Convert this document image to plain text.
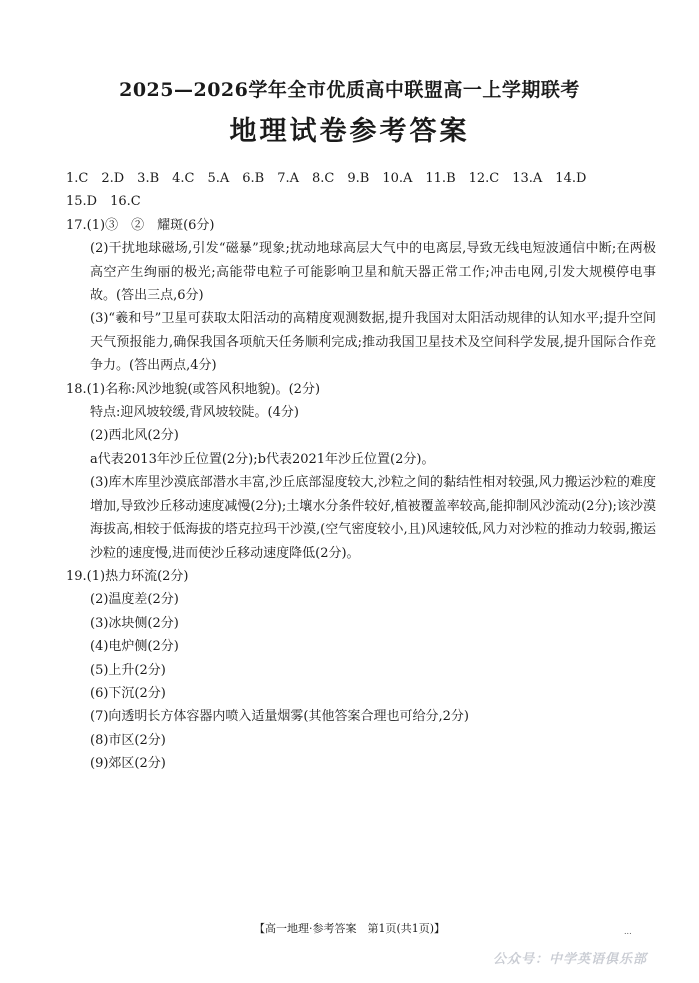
2025—2026学年全市优质高中联盟高一上学期联考
地理试卷参考答案
1.C　2.D　3.B　4.C　5.A　6.B　7.A　8.C　9.B　10.A　11.B　12.C　13.A　14.D
15.D　16.C
17.(1)③　②　耀斑(6分)
(2)干扰地球磁场,引发“磁暴”现象;扰动地球高层大气中的电离层,导致无线电短波通信中断;在两极高空产生绚丽的极光;高能带电粒子可能影响卫星和航天器正常工作;冲击电网,引发大规模停电事故。(答出三点,6分)
(3)“羲和号”卫星可获取太阳活动的高精度观测数据,提升我国对太阳活动规律的认知水平;提升空间天气预报能力,确保我国各项航天任务顺利完成;推动我国卫星技术及空间科学发展,提升国际合作竞争力。(答出两点,4分)
18.(1)名称:风沙地貌(或答风积地貌)。(2分)
特点:迎风坡较缓,背风坡较陡。(4分)
(2)西北风(2分)
a代表2013年沙丘位置(2分);b代表2021年沙丘位置(2分)。
(3)库木库里沙漠底部潜水丰富,沙丘底部湿度较大,沙粒之间的黏结性相对较强,风力搬运沙粒的难度增加,导致沙丘移动速度减慢(2分);土壤水分条件较好,植被覆盖率较高,能抑制风沙流动(2分);该沙漠海拔高,相较于低海拔的塔克拉玛干沙漠,(空气密度较小,且)风速较低,风力对沙粒的推动力较弱,搬运沙粒的速度慢,进而使沙丘移动速度降低(2分)。
19.(1)热力环流(2分)
(2)温度差(2分)
(3)冰块侧(2分)
(4)电炉侧(2分)
(5)上升(2分)
(6)下沉(2分)
(7)向透明长方体容器内喷入适量烟雾(其他答案合理也可给分,2分)
(8)市区(2分)
(9)郊区(2分)
【高一地理·参考答案　第1页(共1页)】	...
公众号：中学英语俱乐部
